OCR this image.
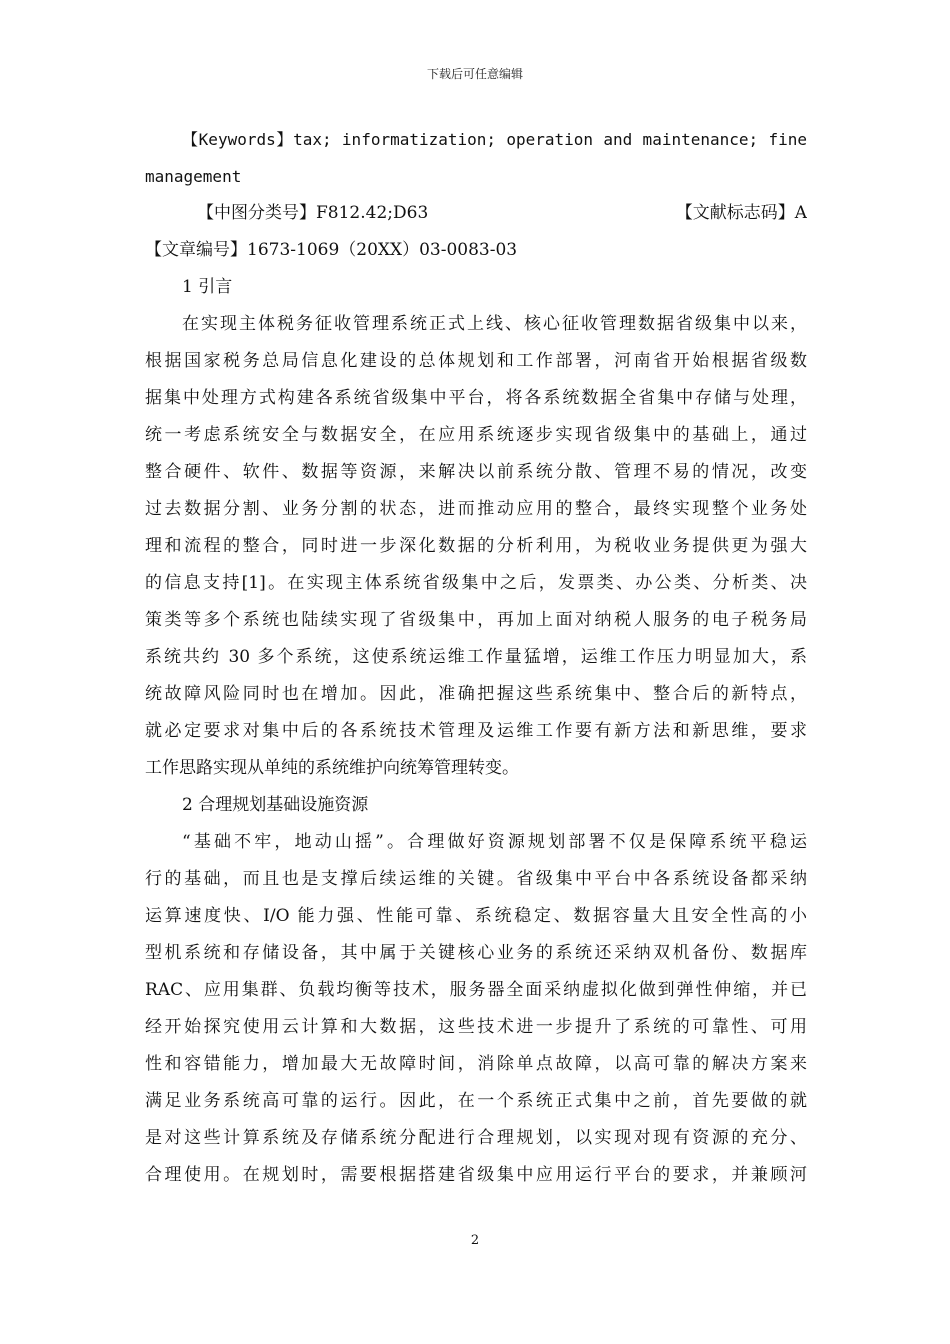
下载后可任意编辑
【Keywords】tax; informatization; operation and maintenance; fine
management
【中图分类号】F812.42;D63	【文献标志码】A
【文章编号】1673-1069（20XX）03-0083-03
1 引言
在实现主体税务征收管理系统正式上线、核心征收管理数据省级集中以来，
根据国家税务总局信息化建设的总体规划和工作部署，河南省开始根据省级数
据集中处理方式构建各系统省级集中平台，将各系统数据全省集中存储与处理，
统一考虑系统安全与数据安全，在应用系统逐步实现省级集中的基础上，通过
整合硬件、软件、数据等资源，来解决以前系统分散、管理不易的情况，改变
过去数据分割、业务分割的状态，进而推动应用的整合，最终实现整个业务处
理和流程的整合，同时进一步深化数据的分析利用，为税收业务提供更为强大
的信息支持[1]。在实现主体系统省级集中之后，发票类、办公类、分析类、决
策类等多个系统也陆续实现了省级集中，再加上面对纳税人服务的电子税务局
系统共约 30 多个系统，这使系统运维工作量猛增，运维工作压力明显加大，系
统故障风险同时也在增加。因此，准确把握这些系统集中、整合后的新特点，
就必定要求对集中后的各系统技术管理及运维工作要有新方法和新思维，要求
工作思路实现从单纯的系统维护向统筹管理转变。
2 合理规划基础设施资源
“基础不牢，地动山摇”。合理做好资源规划部署不仅是保障系统平稳运
行的基础，而且也是支撑后续运维的关键。省级集中平台中各系统设备都采纳
运算速度快、I/O 能力强、性能可靠、系统稳定、数据容量大且安全性高的小
型机系统和存储设备，其中属于关键核心业务的系统还采纳双机备份、数据库
RAC、应用集群、负载均衡等技术，服务器全面采纳虚拟化做到弹性伸缩，并已
经开始探究使用云计算和大数据，这些技术进一步提升了系统的可靠性、可用
性和容错能力，增加最大无故障时间，消除单点故障，以高可靠的解决方案来
满足业务系统高可靠的运行。因此，在一个系统正式集中之前，首先要做的就
是对这些计算系统及存储系统分配进行合理规划，以实现对现有资源的充分、
合理使用。在规划时，需要根据搭建省级集中应用运行平台的要求，并兼顾河
2
